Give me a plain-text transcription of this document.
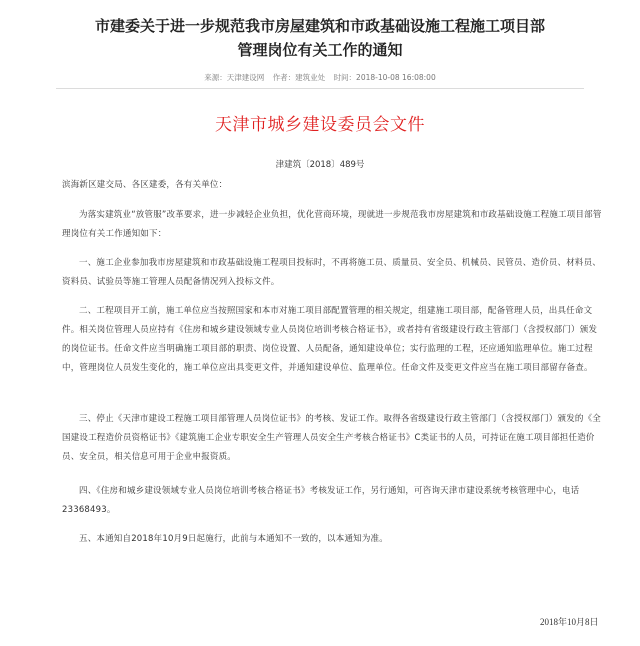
市建委关于进一步规范我市房屋建筑和市政基础设施工程施工项目部
管理岗位有关工作的通知
来源：天津建设网 作者：建筑业处 时间：2018-10-08 16:08:00
天津市城乡建设委员会文件
津建筑〔2018〕489号
滨海新区建交局、各区建委，各有关单位：
为落实建筑业“放管服”改革要求，进一步减轻企业负担，优化营商环境，现就进一步规范我市房屋建筑和市政基础设施工程施工项目部管理岗位有关工作通知如下：
一、施工企业参加我市房屋建筑和市政基础设施工程项目投标时，不再将施工员、质量员、安全员、机械员、民管员、造价员、材料员、资料员、试验员等施工管理人员配备情况列入投标文件。
二、工程项目开工前，施工单位应当按照国家和本市对施工项目部配置管理的相关规定，组建施工项目部，配备管理人员，出具任命文件。相关岗位管理人员应持有《住房和城乡建设领域专业人员岗位培训考核合格证书》，或者持有省级建设行政主管部门（含授权部门）颁发的岗位证书。任命文件应当明确施工项目部的职责、岗位设置、人员配备，通知建设单位；实行监理的工程，还应通知监理单位。施工过程中，管理岗位人员发生变化的，施工单位应出具变更文件，并通知建设单位、监理单位。任命文件及变更文件应当在施工项目部留存备查。
三、停止《天津市建设工程施工项目部管理人员岗位证书》的考核、发证工作。取得各省级建设行政主管部门（含授权部门）颁发的《全国建设工程造价员资格证书》《建筑施工企业专职安全生产管理人员安全生产考核合格证书》C类证书的人员，可持证在施工项目部担任造价员、安全员，相关信息可用于企业申报资质。
四、《住房和城乡建设领域专业人员岗位培训考核合格证书》考核发证工作，另行通知，可咨询天津市建设系统考核管理中心，电话23368493。
五、本通知自2018年10月9日起施行，此前与本通知不一致的，以本通知为准。
2018年10月8日
